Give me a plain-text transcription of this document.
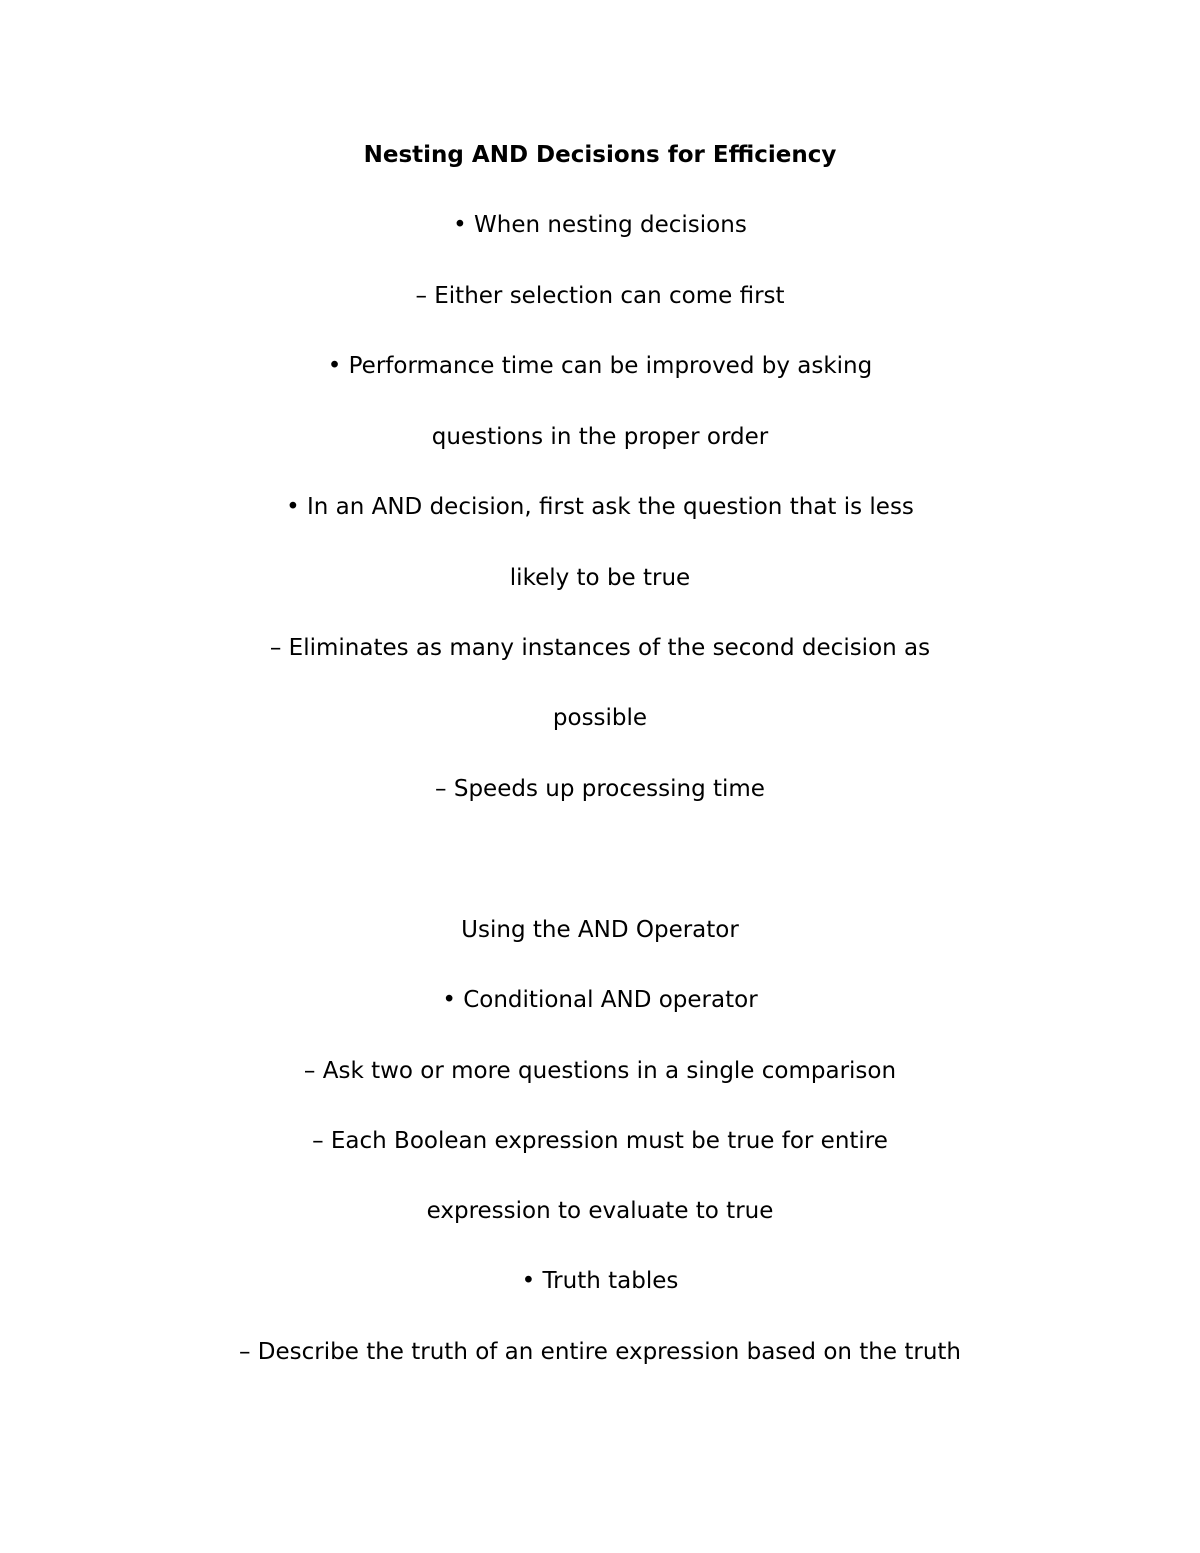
Nesting AND Decisions for Efficiency
• When nesting decisions
– Either selection can come first
• Performance time can be improved by asking
questions in the proper order
• In an AND decision, first ask the question that is less
likely to be true
– Eliminates as many instances of the second decision as
possible
– Speeds up processing time
Using the AND Operator
• Conditional AND operator
– Ask two or more questions in a single comparison
– Each Boolean expression must be true for entire
expression to evaluate to true
• Truth tables
– Describe the truth of an entire expression based on the truth
